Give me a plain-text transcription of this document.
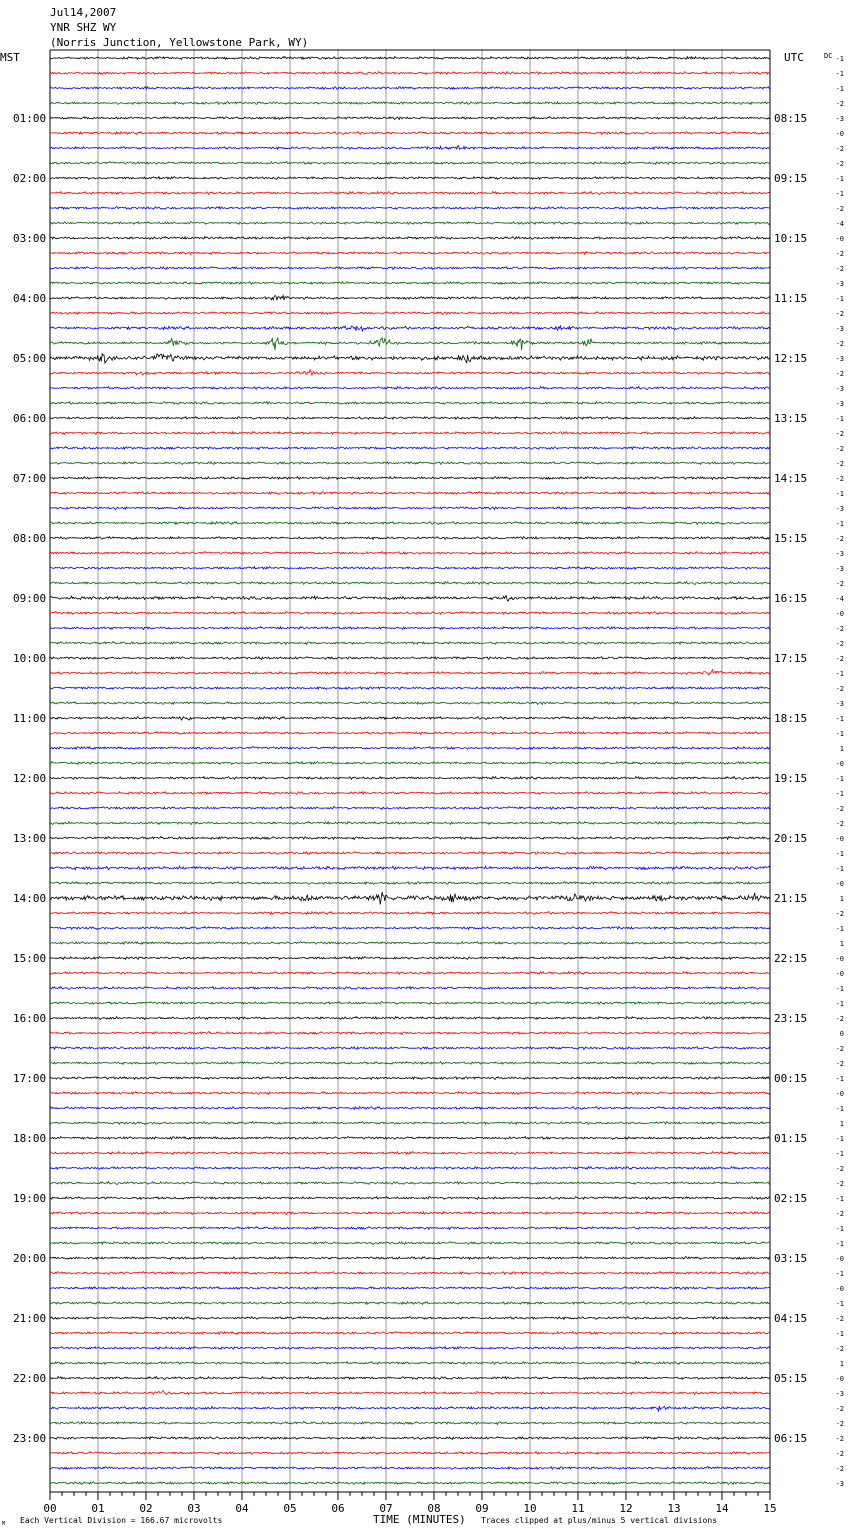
Jul14,2007
YNR SHZ WY
(Norris Junction, Yellowstone Park, WY)
MST	UTC	DC
01:00
02:00
03:00
04:00
05:00
06:00
07:00
08:00
09:00
10:00
11:00
12:00
13:00
14:00
15:00
16:00
17:00
18:00
19:00
20:00
21:00
22:00
23:00
08:15
09:15
10:15
11:15
12:15
13:15
14:15
15:15
16:15
17:15
18:15
19:15
20:15
21:15
22:15
23:15
00:15
01:15
02:15
03:15
04:15
05:15
06:15
-1
-1
-1
-2
-3
-0
-2
-2
-1
-1
-2
-4
-0
-2
-2
-3
-1
-2
-3
-2
-3
-2
-3
-3
-1
-2
-2
-2
-2
-1
-3
-1
-2
-3
-3
-2
-4
-0
-2
-2
-2
-1
-2
-3
-1
-1
1
-0
-1
-1
-2
-2
-0
-1
-1
-0
1
-2
-1
1
-0
-0
-1
-1
-2
0
-2
-2
-1
-0
-1
1
-1
-1
-2
-2
-1
-2
-1
-1
-0
-1
-0
-1
-2
-1
-2
1
-0
-3
-2
-2
-2
-2
-2
-3
00	01	02	03	04	05	06	07	08	09	10	11	12	13	14	15
M Each Vertical Division = 166.67 microvolts	TIME (MINUTES) Traces clipped at plus/minus 5 vertical divisions
